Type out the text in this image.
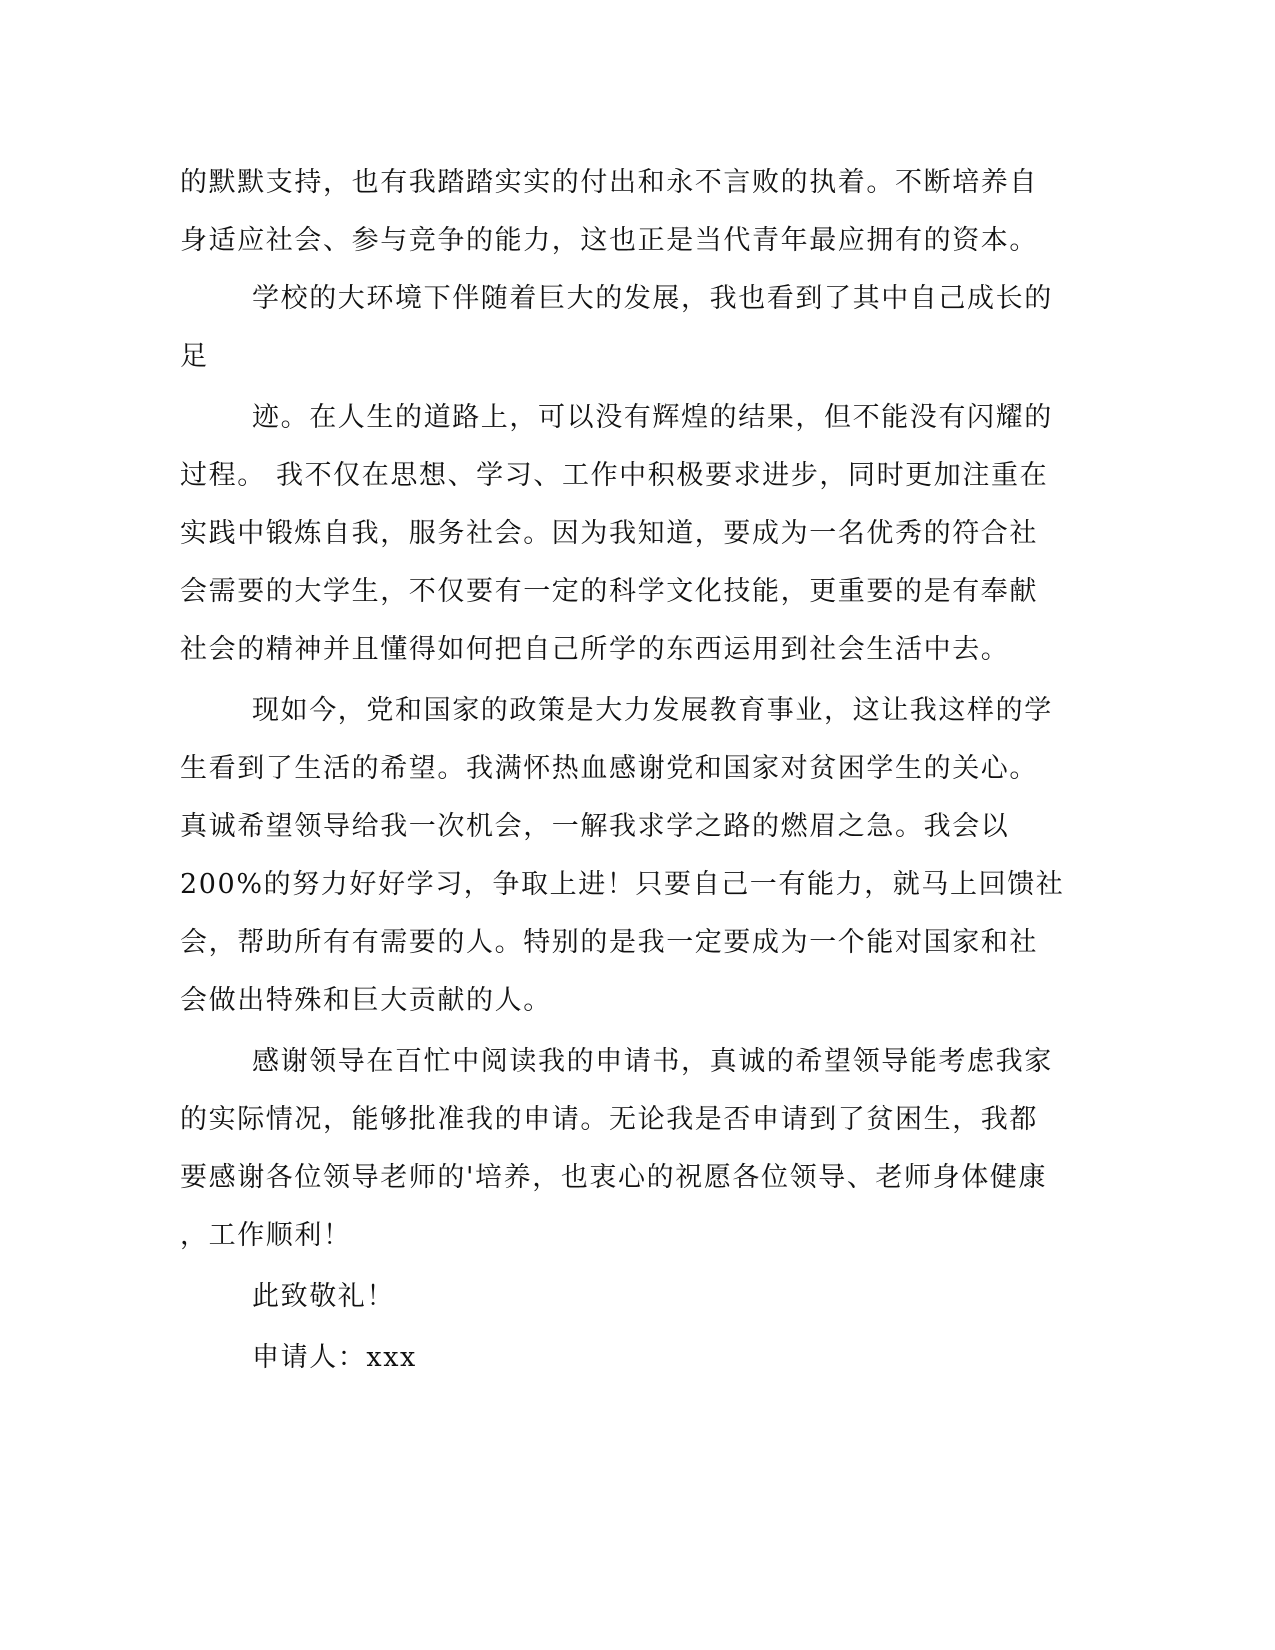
的默默支持，也有我踏踏实实的付出和永不言败的执着。不断培养自
身适应社会、参与竞争的能力，这也正是当代青年最应拥有的资本。
学校的大环境下伴随着巨大的发展，我也看到了其中自己成长的
足
迹。在人生的道路上，可以没有辉煌的结果，但不能没有闪耀的
过程。 我不仅在思想、学习、工作中积极要求进步，同时更加注重在
实践中锻炼自我，服务社会。因为我知道，要成为一名优秀的符合社
会需要的大学生，不仅要有一定的科学文化技能，更重要的是有奉献
社会的精神并且懂得如何把自己所学的东西运用到社会生活中去。
现如今，党和国家的政策是大力发展教育事业，这让我这样的学
生看到了生活的希望。我满怀热血感谢党和国家对贫困学生的关心。
真诚希望领导给我一次机会，一解我求学之路的燃眉之急。我会以
200%的努力好好学习，争取上进！只要自己一有能力，就马上回馈社
会，帮助所有有需要的人。特别的是我一定要成为一个能对国家和社
会做出特殊和巨大贡献的人。
感谢领导在百忙中阅读我的申请书，真诚的希望领导能考虑我家
的实际情况，能够批准我的申请。无论我是否申请到了贫困生，我都
要感谢各位领导老师的'培养，也衷心的祝愿各位领导、老师身体健康
，工作顺利！
此致敬礼！
申请人：xxx
